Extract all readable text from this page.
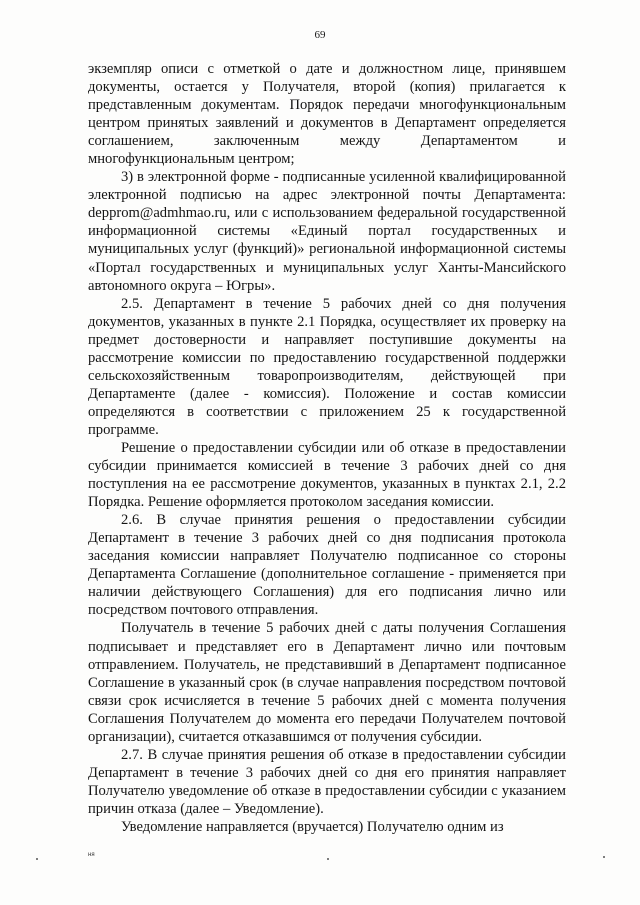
69

экземпляр описи с отметкой о дате и должностном лице, принявшем документы, остается у Получателя, второй (копия) прилагается к представленным документам. Порядок передачи многофункциональным центром принятых заявлений и документов в Департамент определяется соглашением, заключенным между Департаментом и многофункциональным центром;

3) в электронной форме - подписанные усиленной квалифицированной электронной подписью на адрес электронной почты Департамента: depprom@admhmao.ru, или с использованием федеральной государственной информационной системы «Единый портал государственных и муниципальных услуг (функций)» региональной информационной системы «Портал государственных и муниципальных услуг Ханты-Мансийского автономного округа – Югры».

2.5. Департамент в течение 5 рабочих дней со дня получения документов, указанных в пункте 2.1 Порядка, осуществляет их проверку на предмет достоверности и направляет поступившие документы на рассмотрение комиссии по предоставлению государственной поддержки сельскохозяйственным товаропроизводителям, действующей при Департаменте (далее - комиссия). Положение и состав комиссии определяются в соответствии с приложением 25 к государственной программе.

Решение о предоставлении субсидии или об отказе в предоставлении субсидии принимается комиссией в течение 3 рабочих дней со дня поступления на ее рассмотрение документов, указанных в пунктах 2.1, 2.2 Порядка. Решение оформляется протоколом заседания комиссии.

2.6. В случае принятия решения о предоставлении субсидии Департамент в течение 3 рабочих дней со дня подписания протокола заседания комиссии направляет Получателю подписанное со стороны Департамента Соглашение (дополнительное соглашение - применяется при наличии действующего Соглашения) для его подписания лично или посредством почтового отправления.

Получатель в течение 5 рабочих дней с даты получения Соглашения подписывает и представляет его в Департамент лично или почтовым отправлением. Получатель, не представивший в Департамент подписанное Соглашение в указанный срок (в случае направления посредством почтовой связи срок исчисляется в течение 5 рабочих дней с момента получения Соглашения Получателем до момента его передачи Получателем почтовой организации), считается отказавшимся от получения субсидии.

2.7. В случае принятия решения об отказе в предоставлении субсидии Департамент в течение 3 рабочих дней со дня его принятия направляет Получателю уведомление об отказе в предоставлении субсидии с указанием причин отказа (далее – Уведомление).

Уведомление направляется (вручается) Получателю одним из

ня
